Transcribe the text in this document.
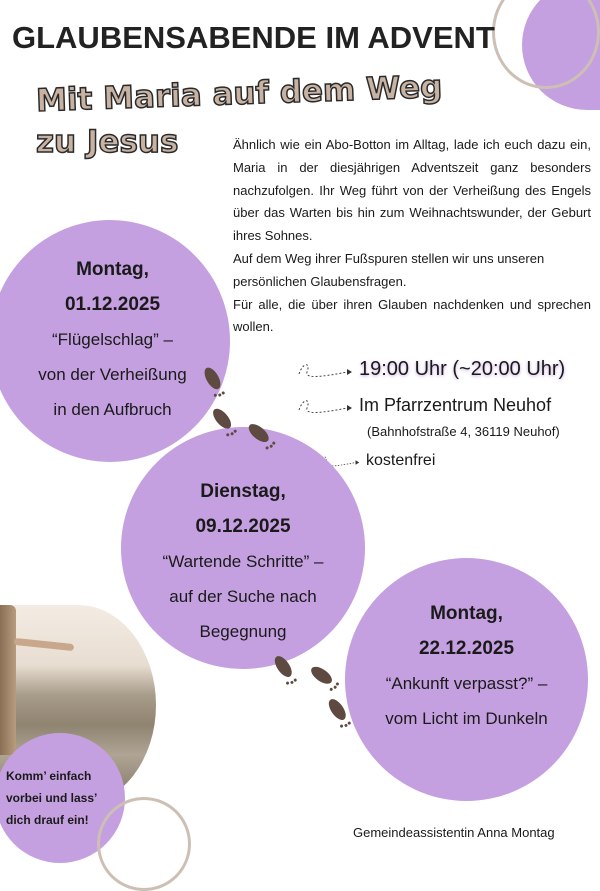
GLAUBENSABENDE IM ADVENT
Mit Maria auf dem Weg
zu Jesus	Ähnlich wie ein Abo-Botton im Alltag, lade ich euch dazu ein, Maria in der diesjährigen Adventszeit ganz besonders nachzufolgen. Ihr Weg führt von der Verheißung des Engels über das Warten bis hin zum Weihnachtswunder, der Geburt ihres Sohnes.

Auf dem Weg ihrer Fußspuren stellen wir uns unseren persönlichen Glaubensfragen.

Für alle, die über ihren Glauben nachdenken und sprechen wollen.

19:00 Uhr (~20:00 Uhr)
Im Pfarrzentrum Neuhof
(Bahnhofstraße 4, 36119 Neuhof)
kostenfrei
Montag,
01.12.2025
“Flügelschlag” –
von der Verheißung
in den Aufbruch
Dienstag,
09.12.2025
“Wartende Schritte” –
auf der Suche nach
Begegnung
Montag,
22.12.2025
“Ankunft verpasst?” –
vom Licht im Dunkeln
Komm’ einfach
vorbei und lass’
dich drauf ein!
Gemeindeassistentin Anna Montag
